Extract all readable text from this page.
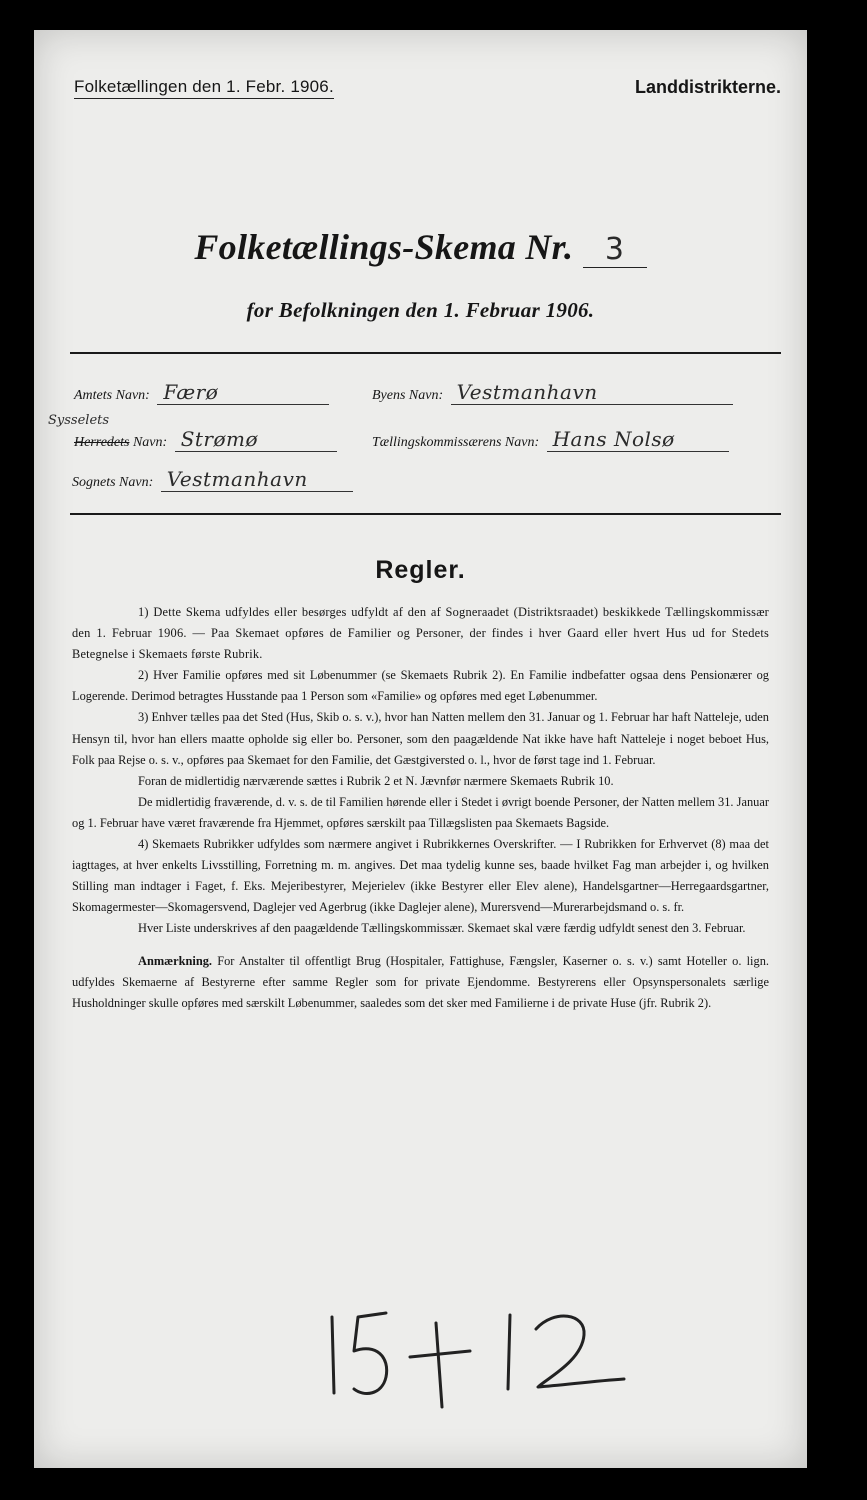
Folketællingen den 1. Febr. 1906.	Landdistrikterne.
Folketællings-Skema Nr. 3
for Befolkningen den 1. Februar 1906.
Amtets Navn: Færø	Byens Navn: Vestmanhavn
Sysselets
Herredets Navn: Strømø	Tællingskommissærens Navn: Hans Nolsø
Sognets Navn: Vestmanhavn
Regler.

1) Dette Skema udfyldes eller besørges udfyldt af den af Sogneraadet (Distriktsraadet) beskikkede Tællingskommissær den 1. Februar 1906. — Paa Skemaet opføres de Familier og Personer, der findes i hver Gaard eller hvert Hus ud for Stedets Betegnelse i Skemaets første Rubrik.

2) Hver Familie opføres med sit Løbenummer (se Skemaets Rubrik 2). En Familie indbefatter ogsaa dens Pensionærer og Logerende. Derimod betragtes Husstande paa 1 Person som «Familie» og opføres med eget Løbenummer.

3) Enhver tælles paa det Sted (Hus, Skib o. s. v.), hvor han Natten mellem den 31. Januar og 1. Februar har haft Natteleje, uden Hensyn til, hvor han ellers maatte opholde sig eller bo. Personer, som den paagældende Nat ikke have haft Natteleje i noget beboet Hus, Folk paa Rejse o. s. v., opføres paa Skemaet for den Familie, det Gæstgiversted o. l., hvor de først tage ind 1. Februar.

Foran de midlertidig nærværende sættes i Rubrik 2 et N. Jævnfør nærmere Skemaets Rubrik 10.

De midlertidig fraværende, d. v. s. de til Familien hørende eller i Stedet i øvrigt boende Personer, der Natten mellem 31. Januar og 1. Februar have været fraværende fra Hjemmet, opføres særskilt paa Tillægslisten paa Skemaets Bagside.

4) Skemaets Rubrikker udfyldes som nærmere angivet i Rubrikkernes Overskrifter. — I Rubrikken for Erhvervet (8) maa det iagttages, at hver enkelts Livsstilling, Forretning m. m. angives. Det maa tydelig kunne ses, baade hvilket Fag man arbejder i, og hvilken Stilling man indtager i Faget, f. Eks. Mejeribestyrer, Mejerielev (ikke Bestyrer eller Elev alene), Handelsgartner—Herregaardsgartner, Skomagermester—Skomagersvend, Daglejer ved Agerbrug (ikke Daglejer alene), Murersvend—Murerarbejdsmand o. s. fr.

Hver Liste underskrives af den paagældende Tællingskommissær. Skemaet skal være færdig udfyldt senest den 3. Februar.

Anmærkning. For Anstalter til offentligt Brug (Hospitaler, Fattighuse, Fængsler, Kaserner o. s. v.) samt Hoteller o. lign. udfyldes Skemaerne af Bestyrerne efter samme Regler som for private Ejendomme. Bestyrerens eller Opsynspersonalets særlige Husholdninger skulle opføres med særskilt Løbenummer, saaledes som det sker med Familierne i de private Huse (jfr. Rubrik 2).
